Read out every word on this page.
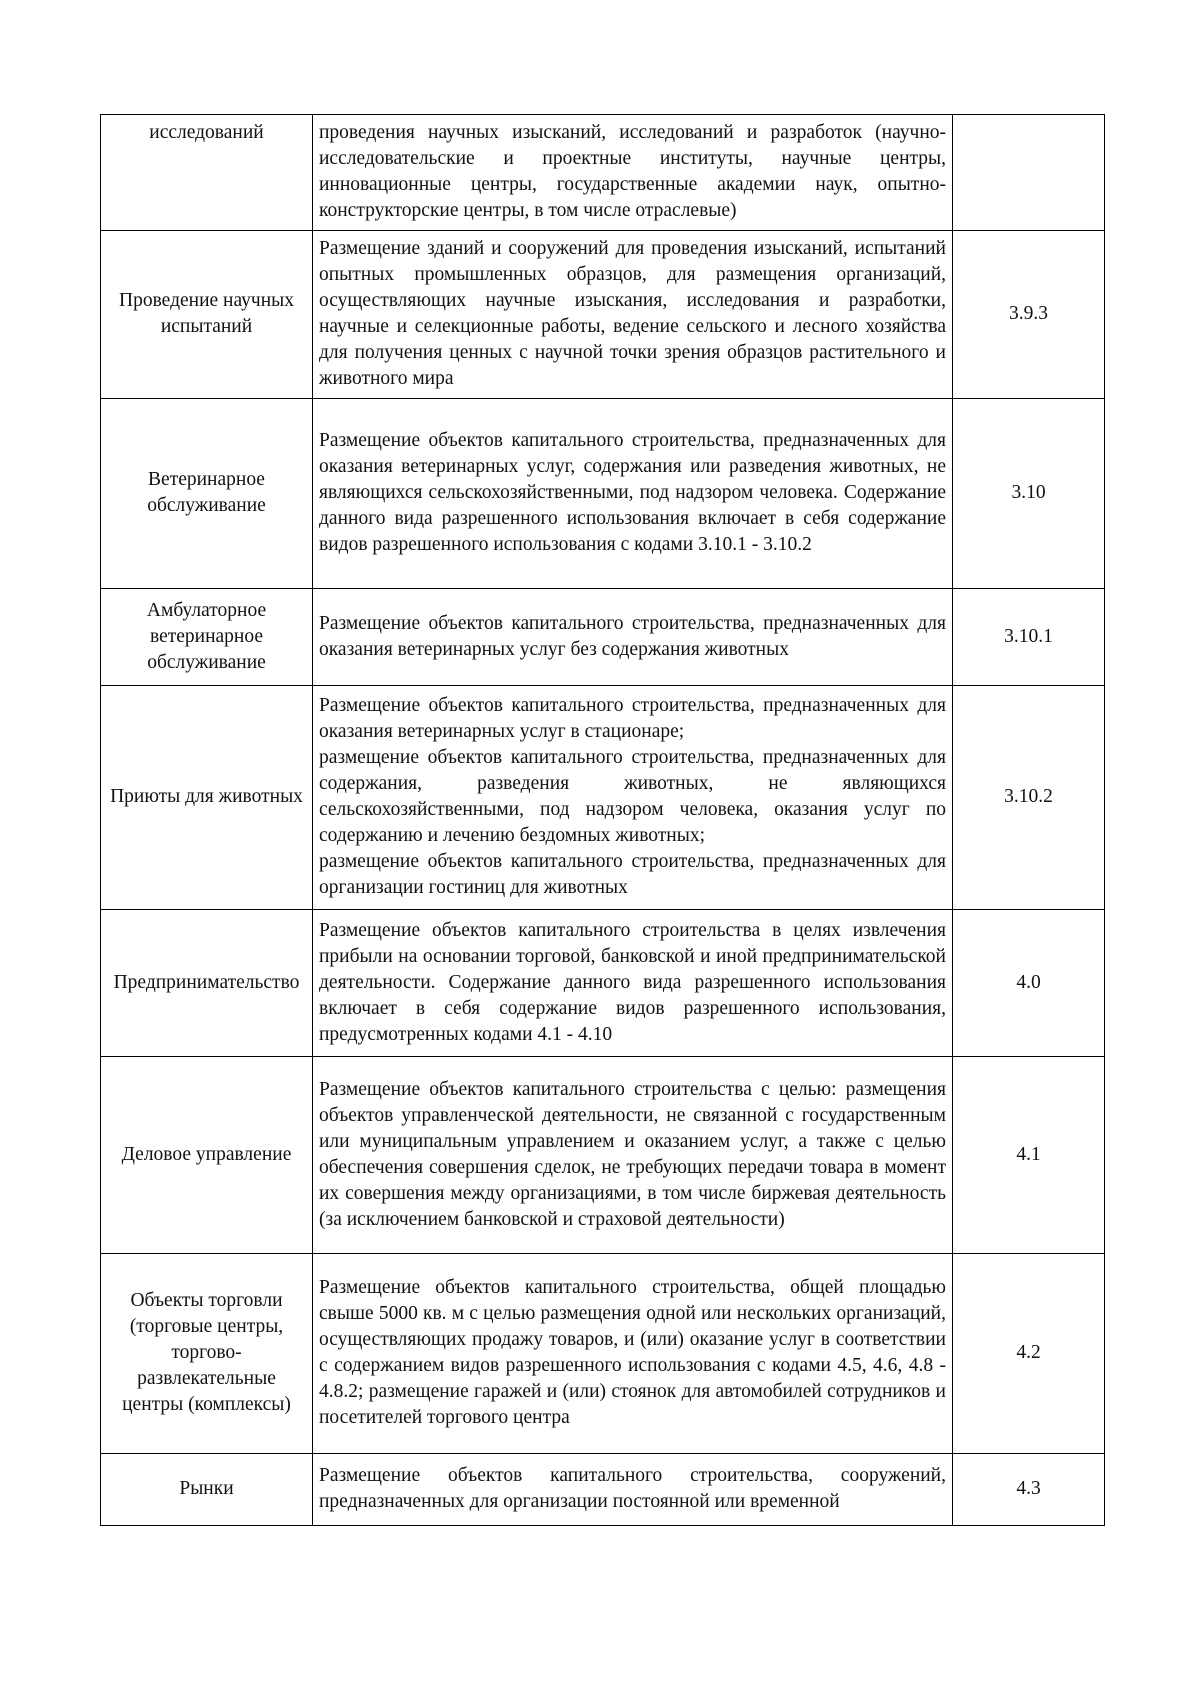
исследований	проведения научных изысканий, исследований и разработок (научно-исследовательские и проектные институты, научные центры, инновационные центры, государственные академии наук, опытно-конструкторские центры, в том числе отраслевые)	
Проведение научных испытаний	Размещение зданий и сооружений для проведения изысканий, испытаний опытных промышленных образцов, для размещения организаций, осуществляющих научные изыскания, исследования и разработки, научные и селекционные работы, ведение сельского и лесного хозяйства для получения ценных с научной точки зрения образцов растительного и животного мира	3.9.3
Ветеринарное обслуживание	Размещение объектов капитального строительства, предназначенных для оказания ветеринарных услуг, содержания или разведения животных, не являющихся сельскохозяйственными, под надзором человека. Содержание данного вида разрешенного использования включает в себя содержание видов разрешенного использования с кодами 3.10.1 - 3.10.2	3.10
Амбулаторное ветеринарное обслуживание	Размещение объектов капитального строительства, предназначенных для оказания ветеринарных услуг без содержания животных	3.10.1
Приюты для животных	Размещение объектов капитального строительства, предназначенных для оказания ветеринарных услуг в стационаре;
размещение объектов капитального строительства, предназначенных для содержания, разведения животных, не являющихся сельскохозяйственными, под надзором человека, оказания услуг по содержанию и лечению бездомных животных;
размещение объектов капитального строительства, предназначенных для организации гостиниц для животных	3.10.2
Предпринимательство	Размещение объектов капитального строительства в целях извлечения прибыли на основании торговой, банковской и иной предпринимательской деятельности. Содержание данного вида разрешенного использования включает в себя содержание видов разрешенного использования, предусмотренных кодами 4.1 - 4.10	4.0
Деловое управление	Размещение объектов капитального строительства с целью: размещения объектов управленческой деятельности, не связанной с государственным или муниципальным управлением и оказанием услуг, а также с целью обеспечения совершения сделок, не требующих передачи товара в момент их совершения между организациями, в том числе биржевая деятельность (за исключением банковской и страховой деятельности)	4.1
Объекты торговли (торговые центры, торгово-развлекательные центры (комплексы)	Размещение объектов капитального строительства, общей площадью свыше 5000 кв. м с целью размещения одной или нескольких организаций, осуществляющих продажу товаров, и (или) оказание услуг в соответствии с содержанием видов разрешенного использования с кодами 4.5, 4.6, 4.8 - 4.8.2; размещение гаражей и (или) стоянок для автомобилей сотрудников и посетителей торгового центра	4.2
Рынки	Размещение объектов капитального строительства, сооружений, предназначенных для организации постоянной или временной	4.3
